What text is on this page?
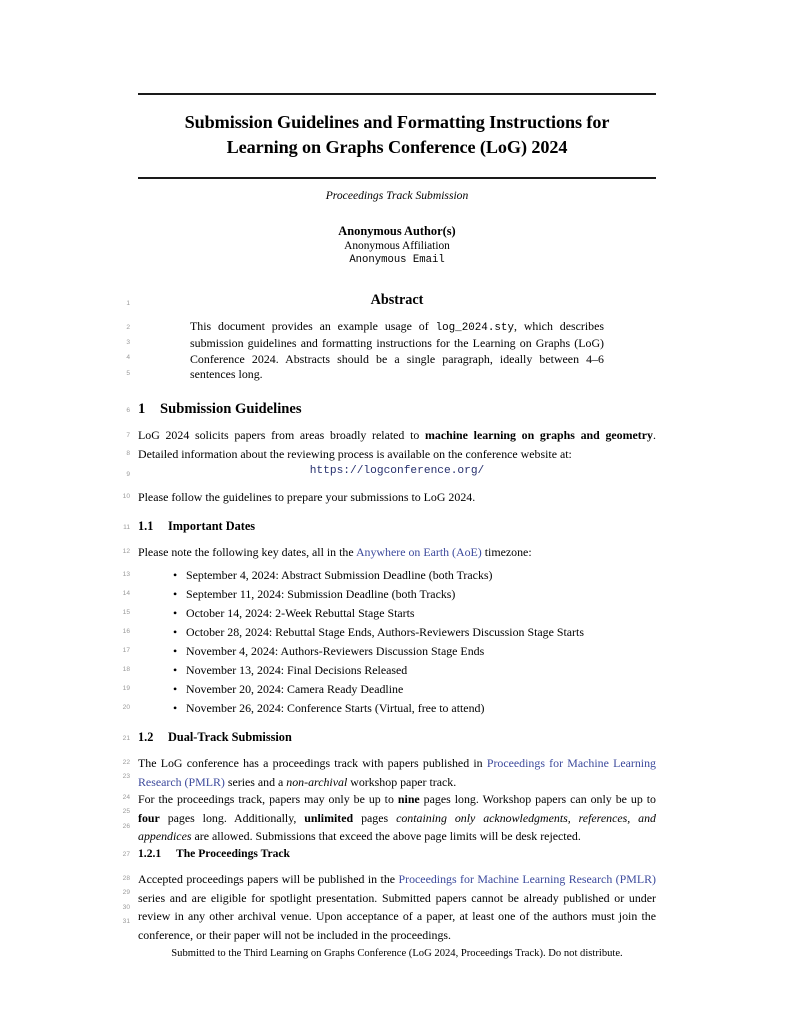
Submission Guidelines and Formatting Instructions for
Learning on Graphs Conference (LoG) 2024
Proceedings Track Submission
Anonymous Author(s)
Anonymous Affiliation
Anonymous Email
1
2
3
4
5
6
7
8
9
10
11
12
13
14
15
16
17
18
19
20
21
22
23
24
25
26
27
28
29
30
31
Abstract
This document provides an example usage of log_2024.sty, which describes submission guidelines and formatting instructions for the Learning on Graphs (LoG) Conference 2024. Abstracts should be a single paragraph, ideally between 4–6 sentences long.
1 Submission Guidelines
LoG 2024 solicits papers from areas broadly related to machine learning on graphs and geometry. Detailed information about the reviewing process is available on the conference website at:
https://logconference.org/
Please follow the guidelines to prepare your submissions to LoG 2024.
1.1 Important Dates
Please note the following key dates, all in the Anywhere on Earth (AoE) timezone:
• September 4, 2024: Abstract Submission Deadline (both Tracks)
• September 11, 2024: Submission Deadline (both Tracks)
• October 14, 2024: 2-Week Rebuttal Stage Starts
• October 28, 2024: Rebuttal Stage Ends, Authors-Reviewers Discussion Stage Starts
• November 4, 2024: Authors-Reviewers Discussion Stage Ends
• November 13, 2024: Final Decisions Released
• November 20, 2024: Camera Ready Deadline
• November 26, 2024: Conference Starts (Virtual, free to attend)
1.2 Dual-Track Submission
The LoG conference has a proceedings track with papers published in Proceedings for Machine Learning Research (PMLR) series and a non-archival workshop paper track.
For the proceedings track, papers may only be up to nine pages long. Workshop papers can only be up to four pages long. Additionally, unlimited pages containing only acknowledgments, references, and appendices are allowed. Submissions that exceed the above page limits will be desk rejected.
1.2.1 The Proceedings Track
Accepted proceedings papers will be published in the Proceedings for Machine Learning Research (PMLR) series and are eligible for spotlight presentation. Submitted papers cannot be already published or under review in any other archival venue. Upon acceptance of a paper, at least one of the authors must join the conference, or their paper will not be included in the proceedings.
Submitted to the Third Learning on Graphs Conference (LoG 2024, Proceedings Track). Do not distribute.
